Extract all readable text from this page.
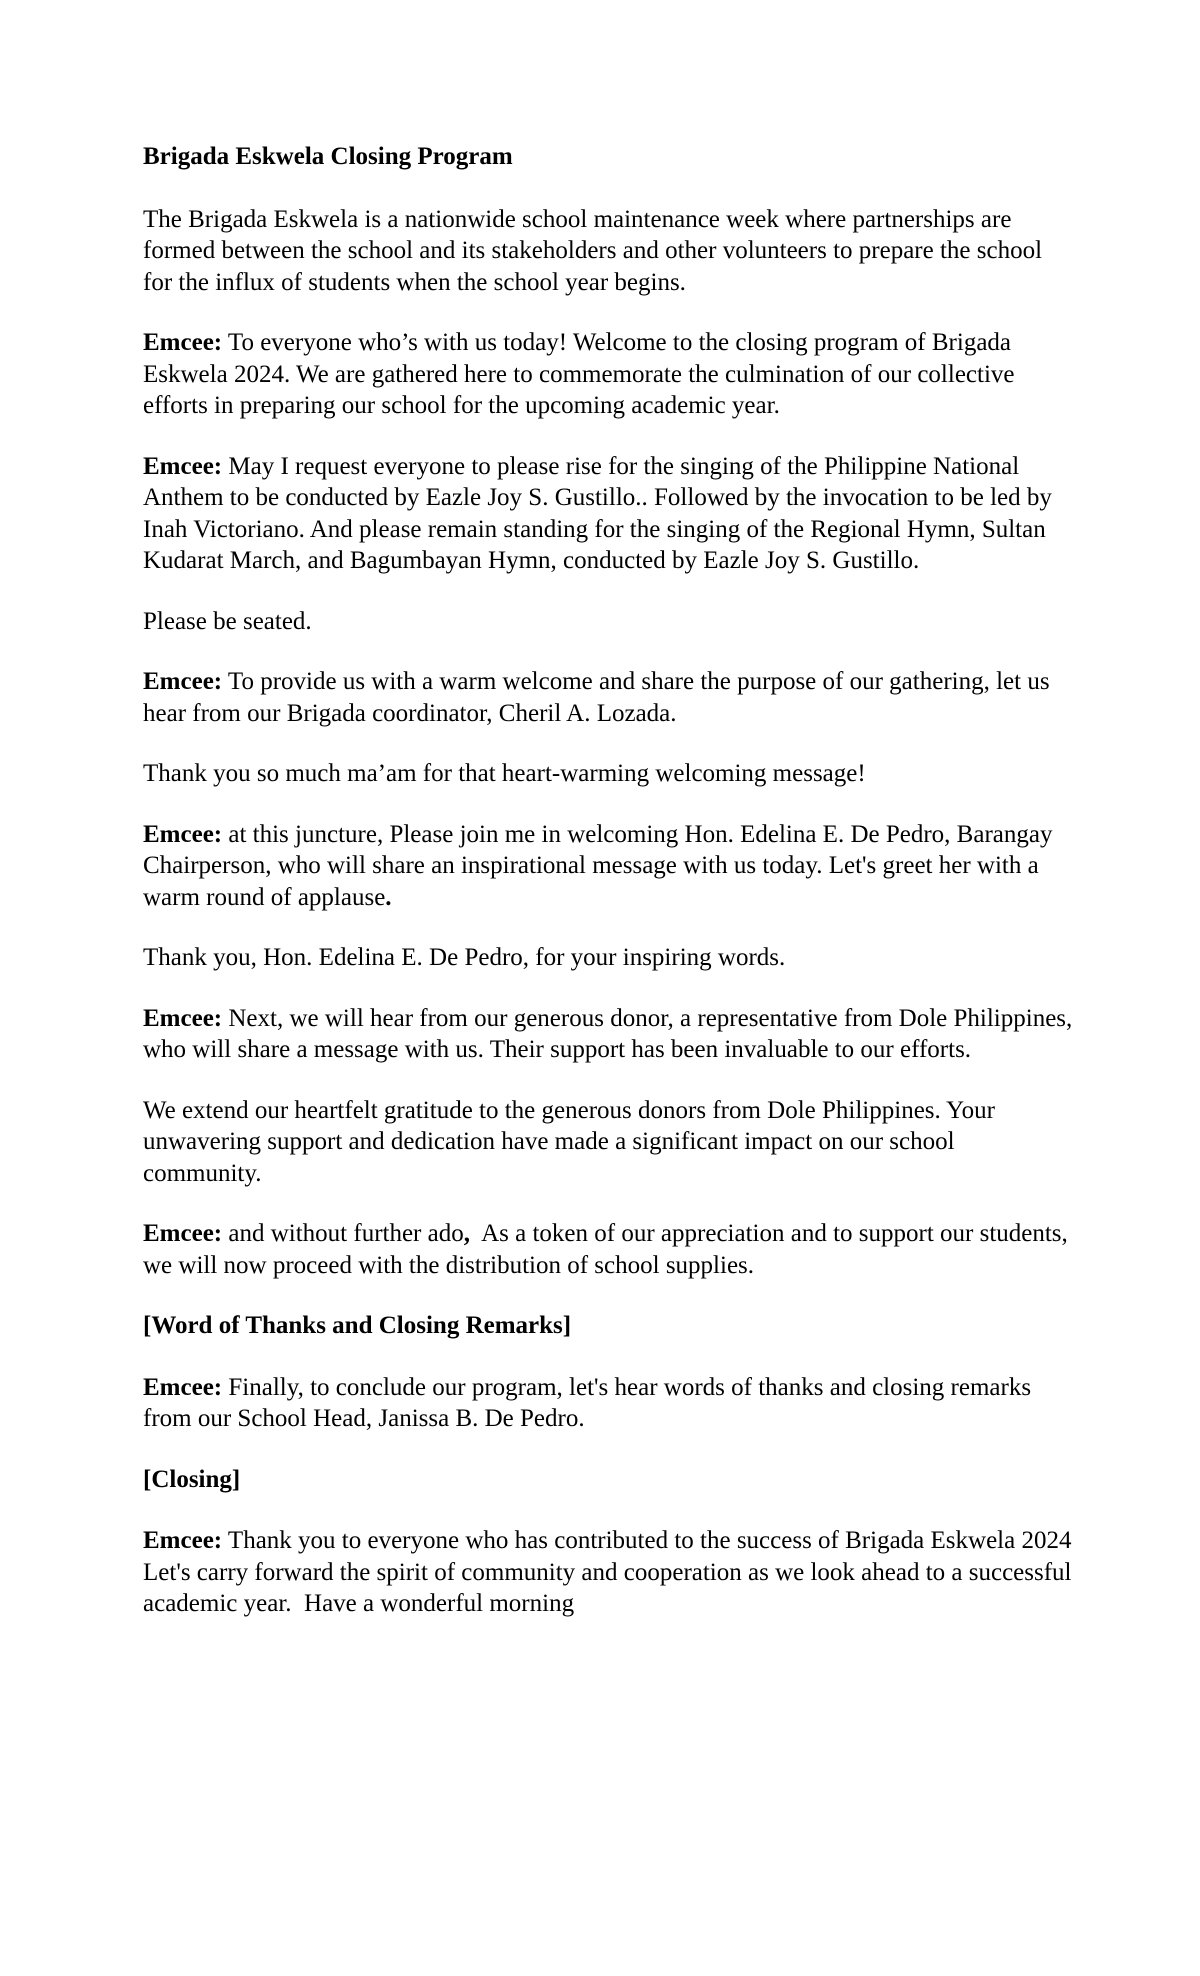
Brigada Eskwela Closing Program

The Brigada Eskwela is a nationwide school maintenance week where partnerships are formed between the school and its stakeholders and other volunteers to prepare the school for the influx of students when the school year begins.

Emcee: To everyone who’s with us today! Welcome to the closing program of Brigada Eskwela 2024. We are gathered here to commemorate the culmination of our collective efforts in preparing our school for the upcoming academic year.

Emcee: May I request everyone to please rise for the singing of the Philippine National Anthem to be conducted by Eazle Joy S. Gustillo.. Followed by the invocation to be led by Inah Victoriano. And please remain standing for the singing of the Regional Hymn, Sultan Kudarat March, and Bagumbayan Hymn, conducted by Eazle Joy S. Gustillo.

Please be seated.

Emcee: To provide us with a warm welcome and share the purpose of our gathering, let us hear from our Brigada coordinator, Cheril A. Lozada.

Thank you so much ma’am for that heart-warming welcoming message!

Emcee: at this juncture, Please join me in welcoming Hon. Edelina E. De Pedro, Barangay Chairperson, who will share an inspirational message with us today. Let's greet her with a warm round of applause.

Thank you, Hon. Edelina E. De Pedro, for your inspiring words.

Emcee: Next, we will hear from our generous donor, a representative from Dole Philippines, who will share a message with us. Their support has been invaluable to our efforts.

We extend our heartfelt gratitude to the generous donors from Dole Philippines. Your unwavering support and dedication have made a significant impact on our school community.

Emcee: and without further ado,  As a token of our appreciation and to support our students, we will now proceed with the distribution of school supplies.

[Word of Thanks and Closing Remarks]

Emcee: Finally, to conclude our program, let's hear words of thanks and closing remarks from our School Head, Janissa B. De Pedro.

[Closing]

Emcee: Thank you to everyone who has contributed to the success of Brigada Eskwela 2024 Let's carry forward the spirit of community and cooperation as we look ahead to a successful academic year.  Have a wonderful morning
